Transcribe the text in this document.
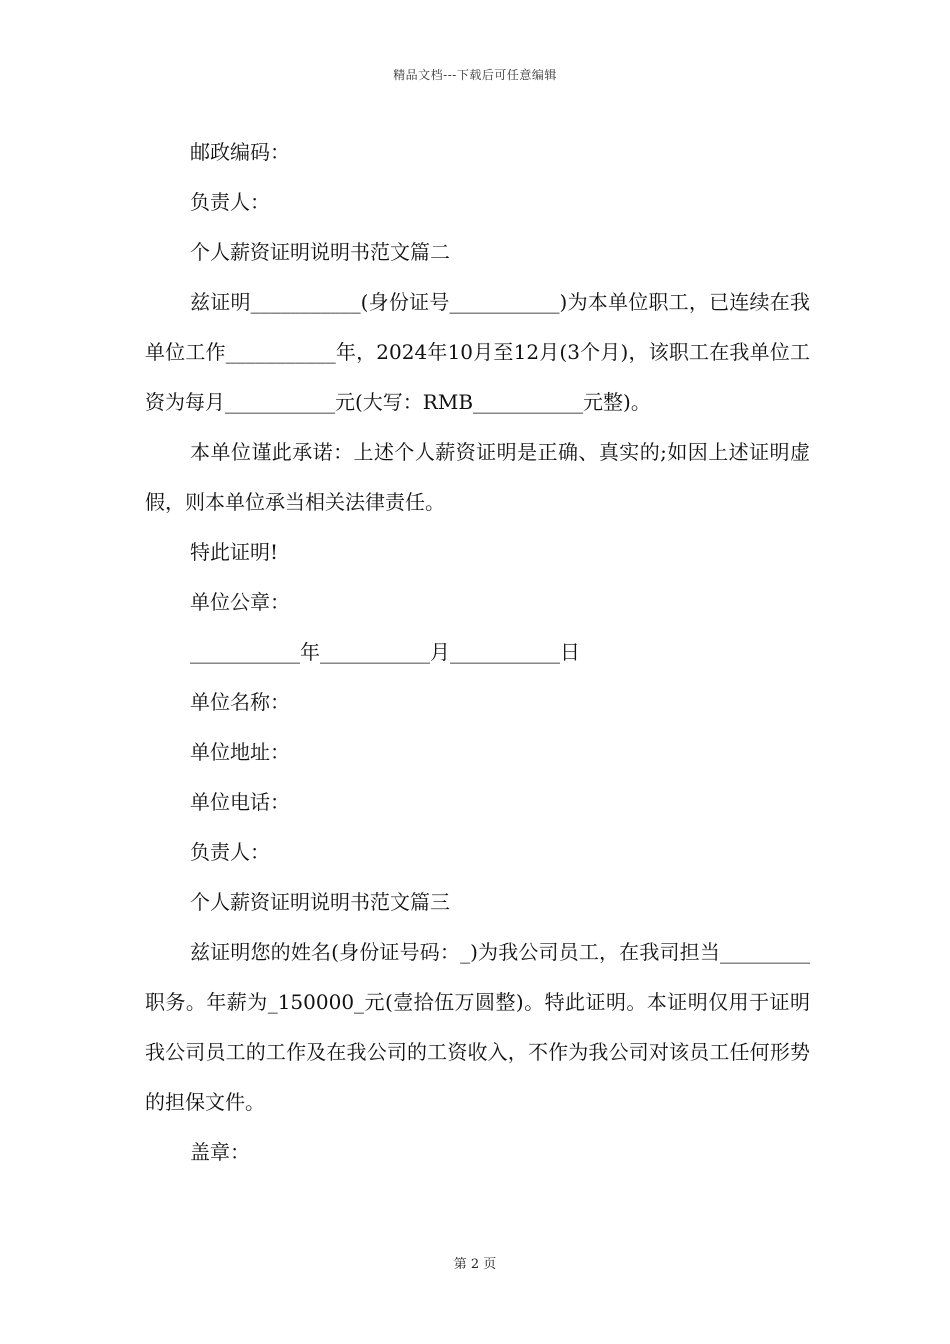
精品文档---下载后可任意编辑

邮政编码：

负责人：

个人薪资证明说明书范文篇二

兹证明___________(身份证号___________)为本单位职工，已连续在我单位工作___________年，2024年10月至12月(3个月)，该职工在我单位工资为每月___________元(大写：RMB___________元整)。

本单位谨此承诺：上述个人薪资证明是正确、真实的;如因上述证明虚假，则本单位承当相关法律责任。

特此证明!

单位公章：

___________年___________月___________日

单位名称：

单位地址：

单位电话：

负责人：

个人薪资证明说明书范文篇三

兹证明您的姓名(身份证号码：_)为我公司员工，在我司担当_________职务。年薪为_150000_元(壹拾伍万圆整)。特此证明。本证明仅用于证明我公司员工的工作及在我公司的工资收入，不作为我公司对该员工任何形势的担保文件。

盖章：

第 2 页
